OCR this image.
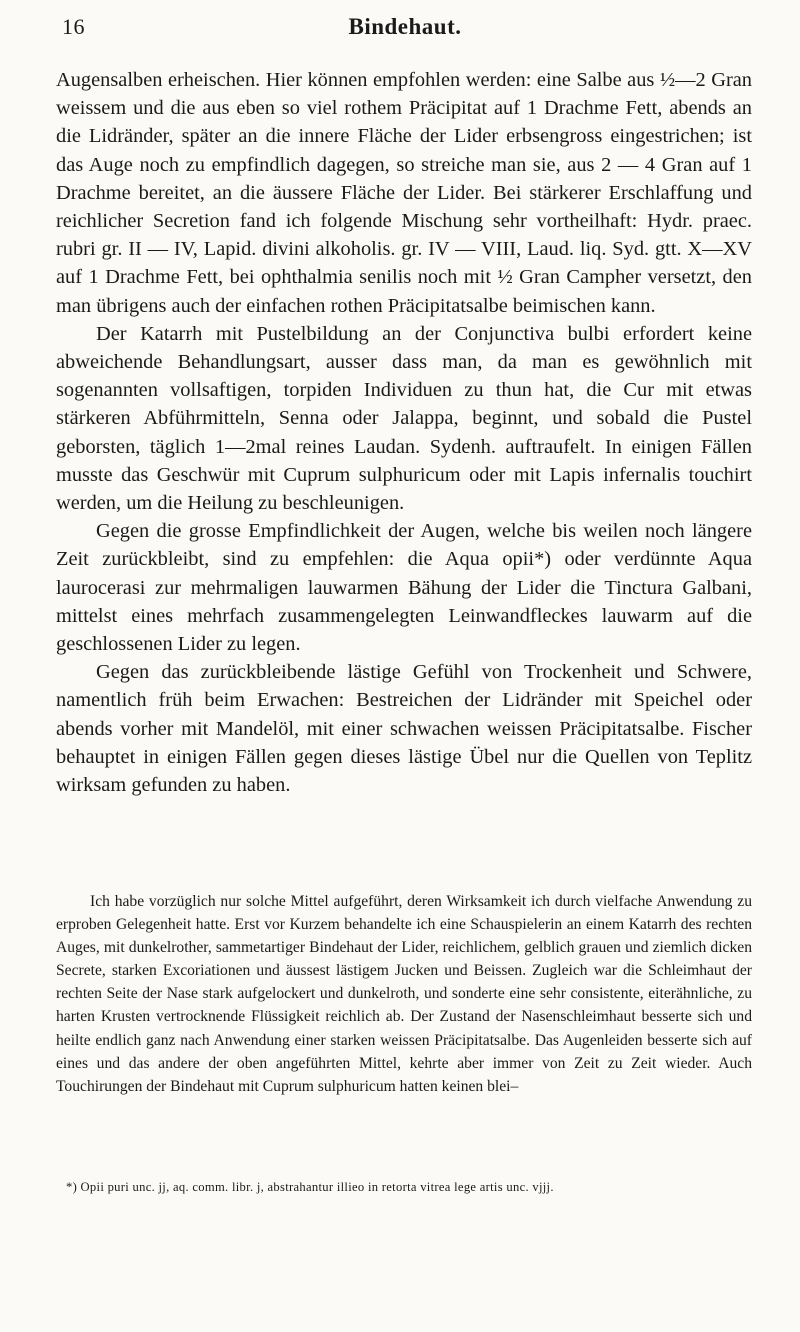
16	Bindehaut.

Augensalben erheischen. Hier können empfohlen werden: eine Salbe aus ½—2 Gran weissem und die aus eben so viel rothem Präcipitat auf 1 Drachme Fett, abends an die Lidränder, später an die innere Fläche der Lider erbsengross eingestrichen; ist das Auge noch zu empfindlich dagegen, so streiche man sie, aus 2 — 4 Gran auf 1 Drachme bereitet, an die äussere Fläche der Lider. Bei stärkerer Erschlaffung und reichlicher Secretion fand ich folgende Mischung sehr vortheilhaft: Hydr. praec. rubri gr. II — IV, Lapid. divini alkoholis. gr. IV — VIII, Laud. liq. Syd. gtt. X—XV auf 1 Drachme Fett, bei ophthalmia senilis noch mit ½ Gran Campher versetzt, den man übrigens auch der einfachen rothen Präcipitatsalbe beimischen kann.

Der Katarrh mit Pustelbildung an der Conjunctiva bulbi erfordert keine abweichende Behandlungsart, ausser dass man, da man es gewöhnlich mit sogenannten vollsaftigen, torpiden Individuen zu thun hat, die Cur mit etwas stärkeren Abführmitteln, Senna oder Jalappa, beginnt, und sobald die Pustel geborsten, täglich 1—2mal reines Laudan. Sydenh. auftraufelt. In einigen Fällen musste das Geschwür mit Cuprum sulphuricum oder mit Lapis infernalis touchirt werden, um die Heilung zu beschleunigen.

Gegen die grosse Empfindlichkeit der Augen, welche bis weilen noch längere Zeit zurückbleibt, sind zu empfehlen: die Aqua opii*) oder verdünnte Aqua laurocerasi zur mehrmaligen lauwarmen Bähung der Lider die Tinctura Galbani, mittelst eines mehrfach zusammengelegten Leinwandfleckes lauwarm auf die geschlossenen Lider zu legen.

Gegen das zurückbleibende lästige Gefühl von Trockenheit und Schwere, namentlich früh beim Erwachen: Bestreichen der Lidränder mit Speichel oder abends vorher mit Mandelöl, mit einer schwachen weissen Präcipitatsalbe. Fischer behauptet in einigen Fällen gegen dieses lästige Übel nur die Quellen von Teplitz wirksam gefunden zu haben.

Ich habe vorzüglich nur solche Mittel aufgeführt, deren Wirksamkeit ich durch vielfache Anwendung zu erproben Gelegenheit hatte. Erst vor Kurzem behandelte ich eine Schauspielerin an einem Katarrh des rechten Auges, mit dunkelrother, sammetartiger Bindehaut der Lider, reichlichem, gelblich grauen und ziemlich dicken Secrete, starken Excoriationen und äussest lästigem Jucken und Beissen. Zugleich war die Schleimhaut der rechten Seite der Nase stark aufgelockert und dunkelroth, und sonderte eine sehr consistente, eiterähnliche, zu harten Krusten vertrocknende Flüssigkeit reichlich ab. Der Zustand der Nasenschleimhaut besserte sich und heilte endlich ganz nach Anwendung einer starken weissen Präcipitatsalbe. Das Augenleiden besserte sich auf eines und das andere der oben angeführten Mittel, kehrte aber immer von Zeit zu Zeit wieder. Auch Touchirungen der Bindehaut mit Cuprum sulphuricum hatten keinen blei–

*) Opii puri unc. jj, aq. comm. libr. j, abstrahantur illieo in retorta vitrea lege artis unc. vjjj.
